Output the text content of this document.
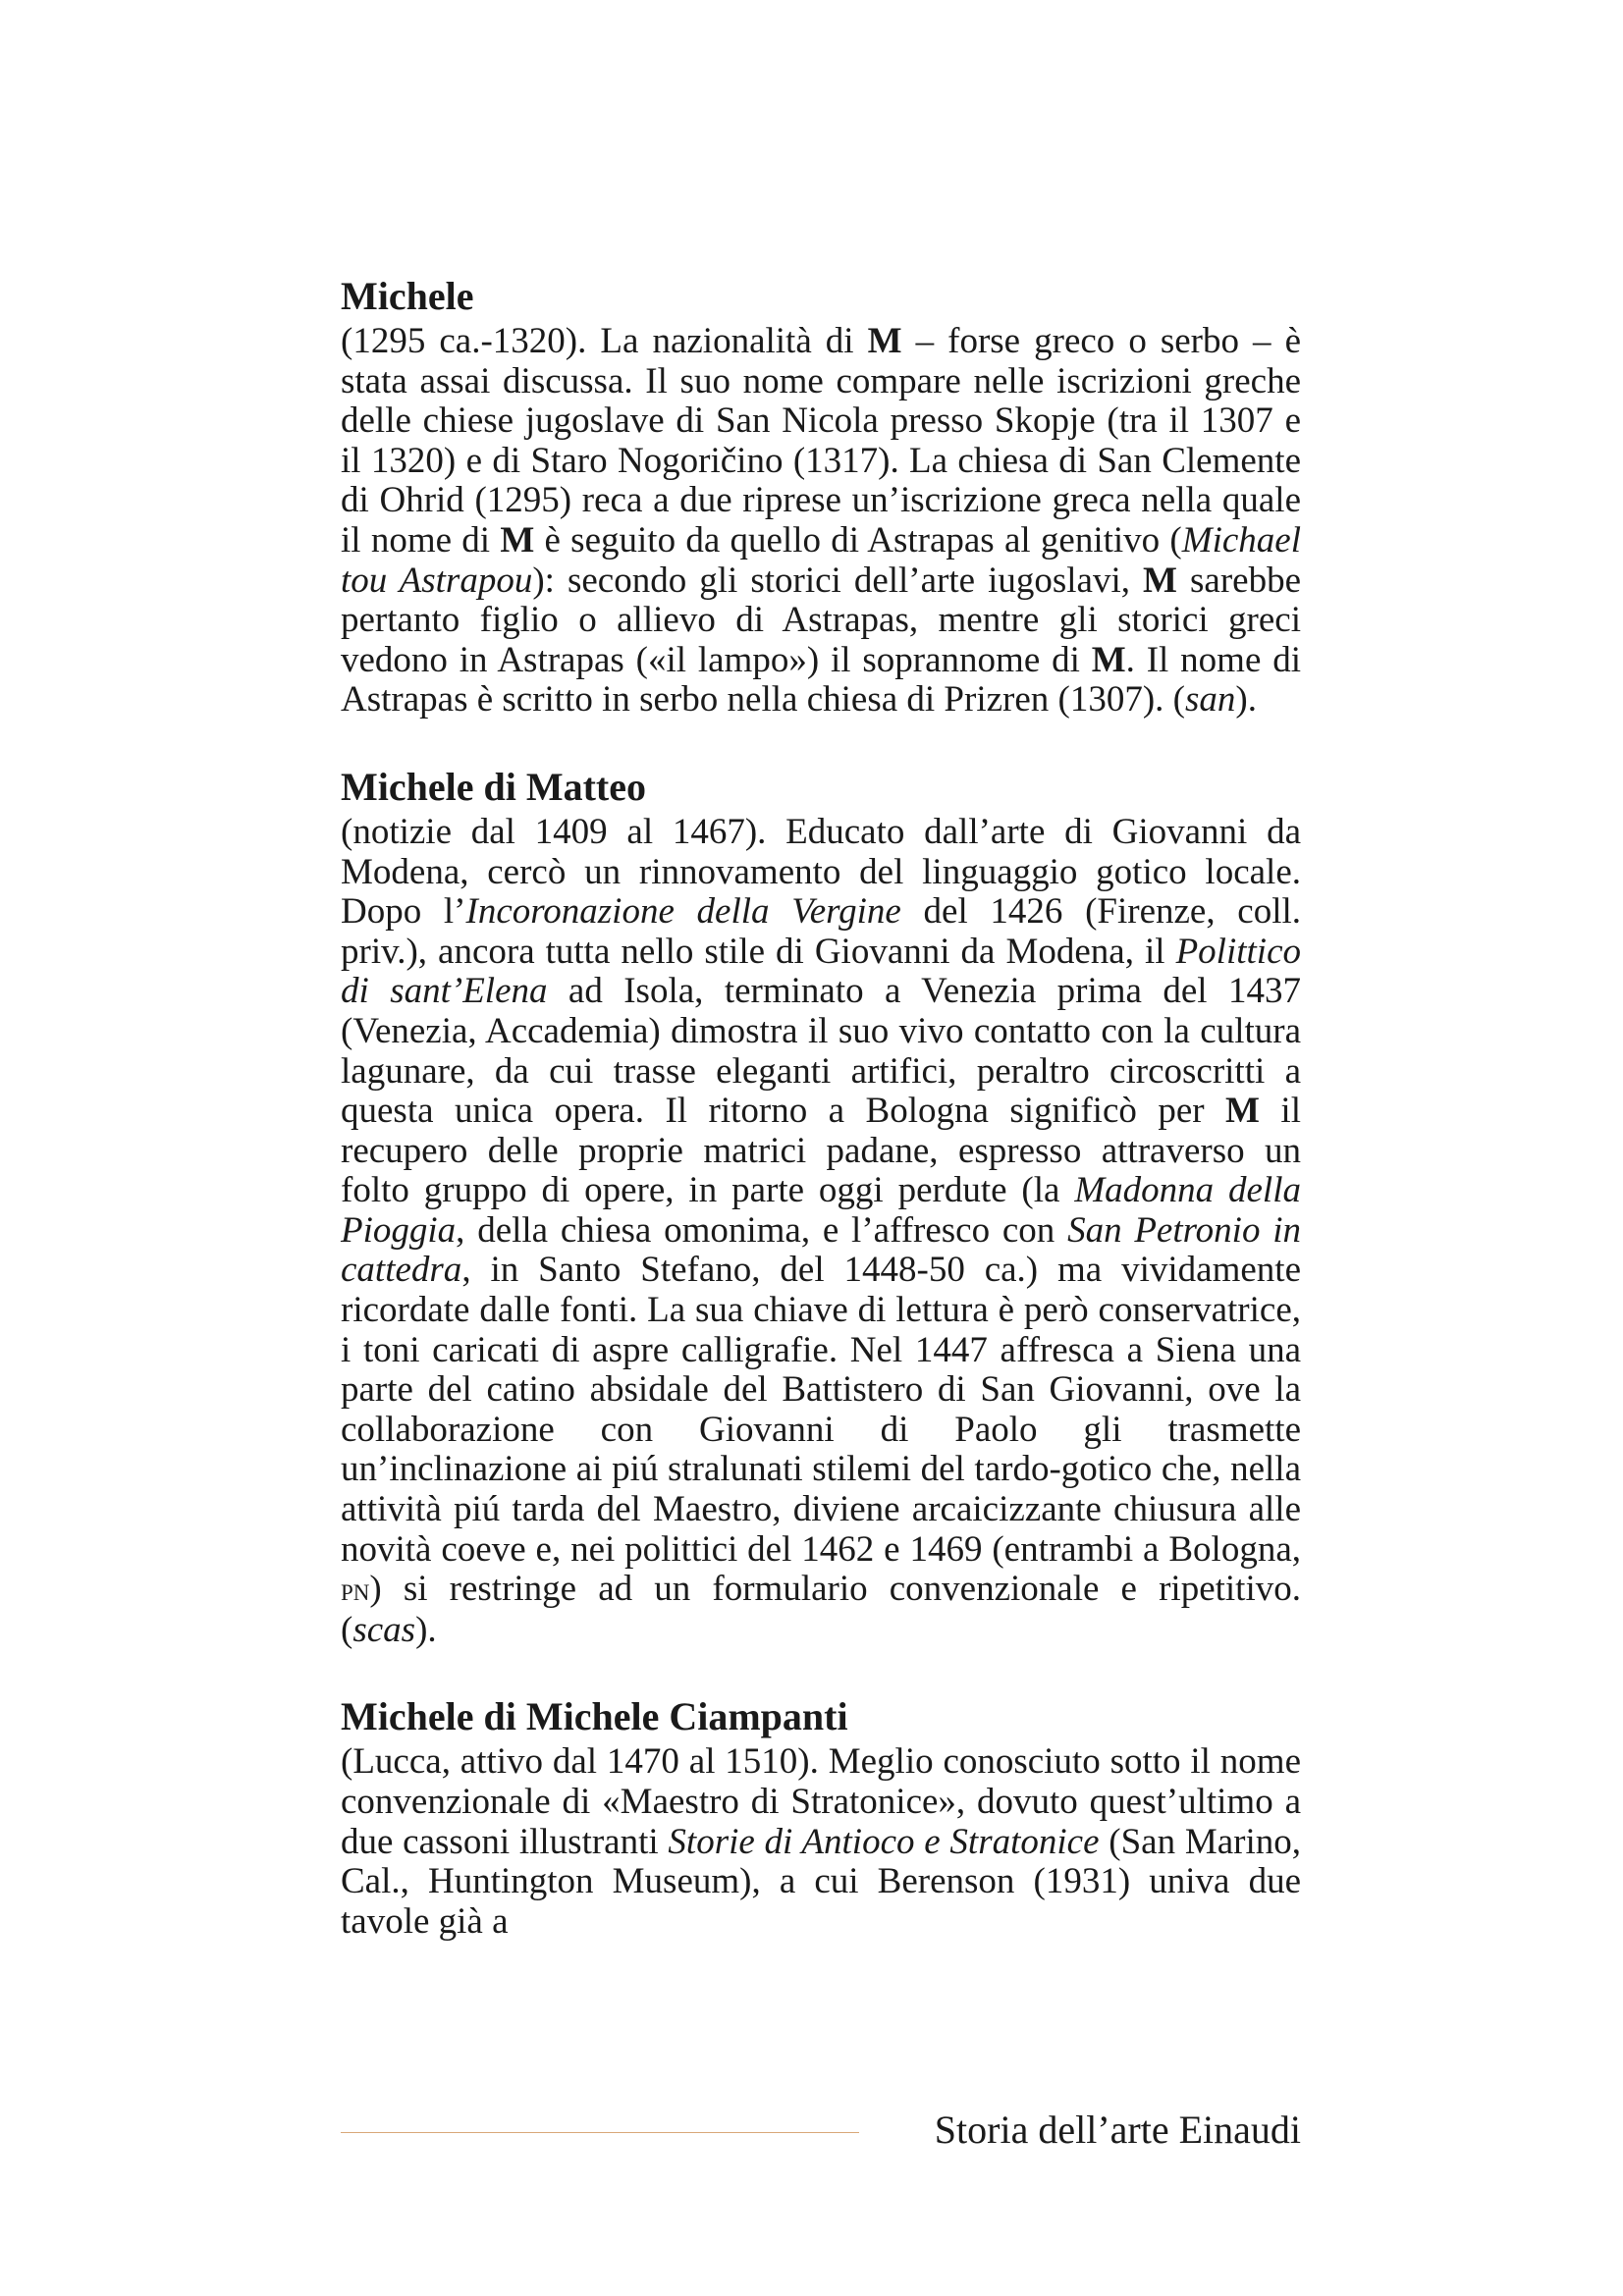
Michele

(1295 ca.-1320). La nazionalità di M – forse greco o serbo – è stata assai discussa. Il suo nome compare nelle iscrizioni greche delle chiese jugoslave di San Nicola presso Skopje (tra il 1307 e il 1320) e di Staro Nogoričino (1317). La chiesa di San Clemente di Ohrid (1295) reca a due riprese un’iscrizione greca nella quale il nome di M è seguito da quello di Astrapas al genitivo (Michael tou Astrapou): secondo gli storici dell’arte iugoslavi, M sarebbe pertanto figlio o allievo di Astrapas, mentre gli storici greci vedono in Astrapas («il lampo») il soprannome di M. Il nome di Astrapas è scritto in serbo nella chiesa di Prizren (1307). (san).

Michele di Matteo

(notizie dal 1409 al 1467). Educato dall’arte di Giovanni da Modena, cercò un rinnovamento del linguaggio gotico locale. Dopo l’Incoronazione della Vergine del 1426 (Firenze, coll. priv.), ancora tutta nello stile di Giovanni da Modena, il Polittico di sant’Elena ad Isola, terminato a Venezia prima del 1437 (Venezia, Accademia) dimostra il suo vivo contatto con la cultura lagunare, da cui trasse eleganti artifici, peraltro circoscritti a questa unica opera. Il ritorno a Bologna significò per M il recupero delle proprie matrici padane, espresso attraverso un folto gruppo di opere, in parte oggi perdute (la Madonna della Pioggia, della chiesa omonima, e l’affresco con San Petronio in cattedra, in Santo Stefano, del 1448-50 ca.) ma vividamente ricordate dalle fonti. La sua chiave di lettura è però conservatrice, i toni caricati di aspre calligrafie. Nel 1447 affresca a Siena una parte del catino absidale del Battistero di San Giovanni, ove la collaborazione con Giovanni di Paolo gli trasmette un’inclinazione ai piú stralunati stilemi del tardo-gotico che, nella attività piú tarda del Maestro, diviene arcaicizzante chiusura alle novità coeve e, nei polittici del 1462 e 1469 (entrambi a Bologna, pn) si restringe ad un formulario convenzionale e ripetitivo. (scas).

Michele di Michele Ciampanti

(Lucca, attivo dal 1470 al 1510). Meglio conosciuto sotto il nome convenzionale di «Maestro di Stratonice», dovuto quest’ultimo a due cassoni illustranti Storie di Antioco e Stratonice (San Marino, Cal., Huntington Museum), a cui Berenson (1931) univa due tavole già a

Storia dell’arte Einaudi
